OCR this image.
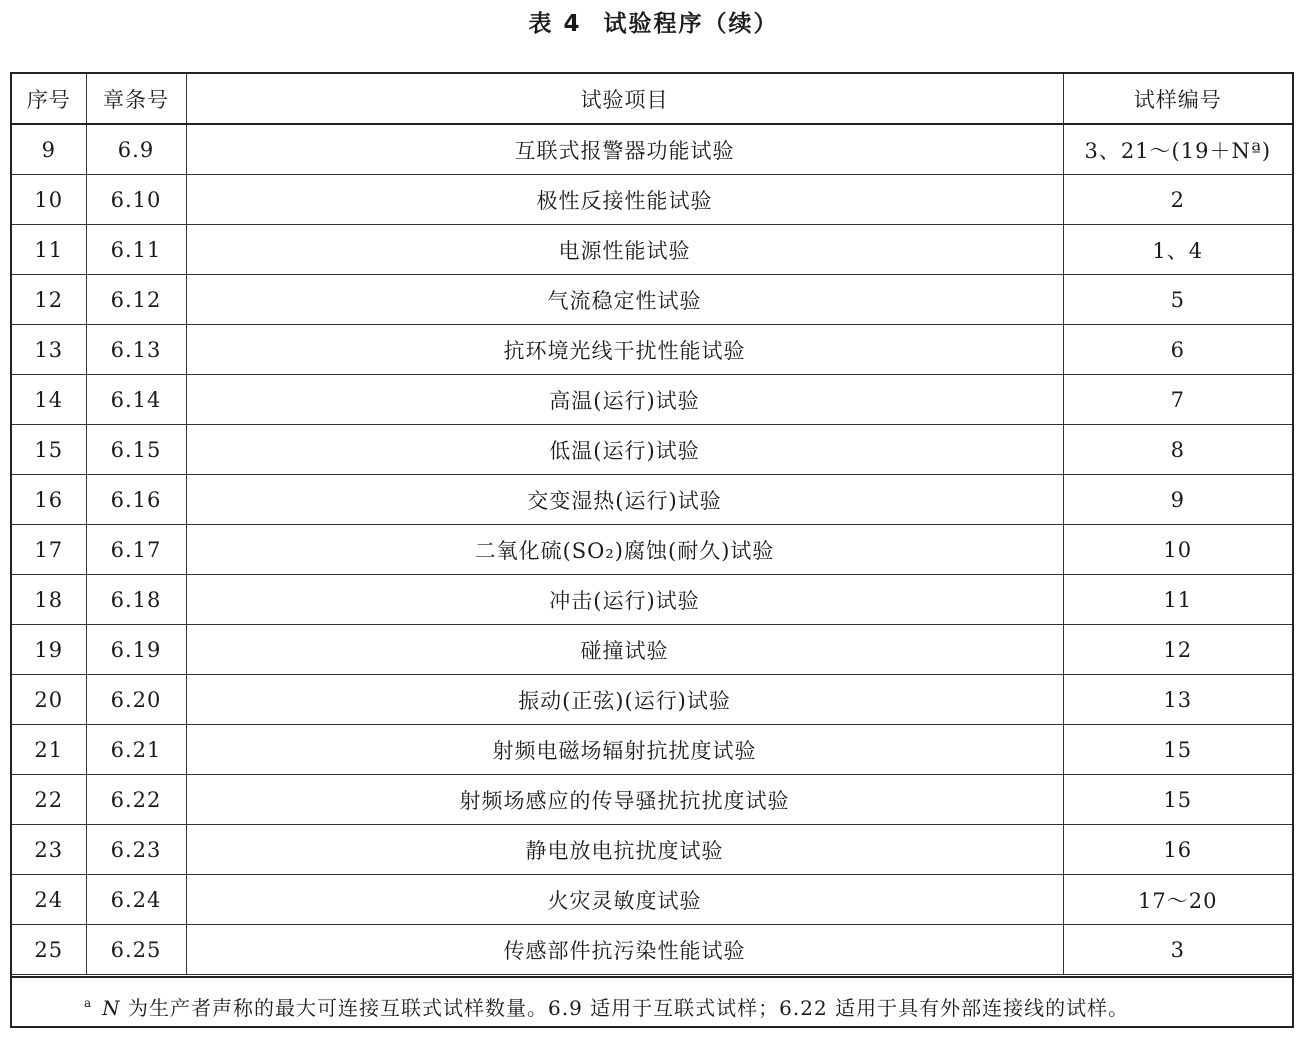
表 4 试验程序（续）
序号	章条号	试验项目	试样编号
9	6.9	互联式报警器功能试验	3、21～(19＋Nª)
10	6.10	极性反接性能试验	2
11	6.11	电源性能试验	1、4
12	6.12	气流稳定性试验	5
13	6.13	抗环境光线干扰性能试验	6
14	6.14	高温(运行)试验	7
15	6.15	低温(运行)试验	8
16	6.16	交变湿热(运行)试验	9
17	6.17	二氧化硫(SO₂)腐蚀(耐久)试验	10
18	6.18	冲击(运行)试验	11
19	6.19	碰撞试验	12
20	6.20	振动(正弦)(运行)试验	13
21	6.21	射频电磁场辐射抗扰度试验	15
22	6.22	射频场感应的传导骚扰抗扰度试验	15
23	6.23	静电放电抗扰度试验	16
24	6.24	火灾灵敏度试验	17～20
25	6.25	传感部件抗污染性能试验	3
a N 为生产者声称的最大可连接互联式试样数量。6.9 适用于互联式试样；6.22 适用于具有外部连接线的试样。
